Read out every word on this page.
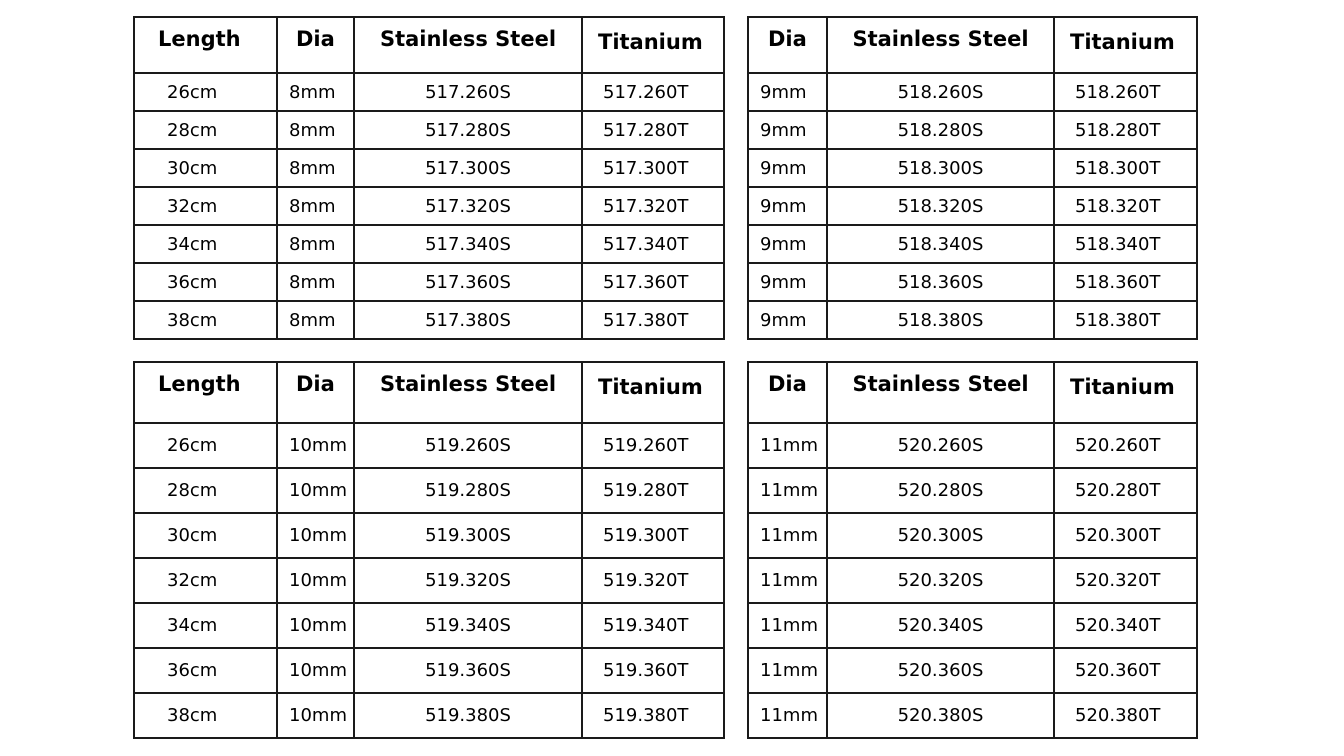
Length	Dia	Stainless Steel	Titanium
26cm	8mm	517.260S	517.260T
28cm	8mm	517.280S	517.280T
30cm	8mm	517.300S	517.300T
32cm	8mm	517.320S	517.320T
34cm	8mm	517.340S	517.340T
36cm	8mm	517.360S	517.360T
38cm	8mm	517.380S	517.380T
Dia	Stainless Steel	Titanium
9mm	518.260S	518.260T
9mm	518.280S	518.280T
9mm	518.300S	518.300T
9mm	518.320S	518.320T
9mm	518.340S	518.340T
9mm	518.360S	518.360T
9mm	518.380S	518.380T
Length	Dia	Stainless Steel	Titanium
26cm	10mm	519.260S	519.260T
28cm	10mm	519.280S	519.280T
30cm	10mm	519.300S	519.300T
32cm	10mm	519.320S	519.320T
34cm	10mm	519.340S	519.340T
36cm	10mm	519.360S	519.360T
38cm	10mm	519.380S	519.380T
Dia	Stainless Steel	Titanium
11mm	520.260S	520.260T
11mm	520.280S	520.280T
11mm	520.300S	520.300T
11mm	520.320S	520.320T
11mm	520.340S	520.340T
11mm	520.360S	520.360T
11mm	520.380S	520.380T
